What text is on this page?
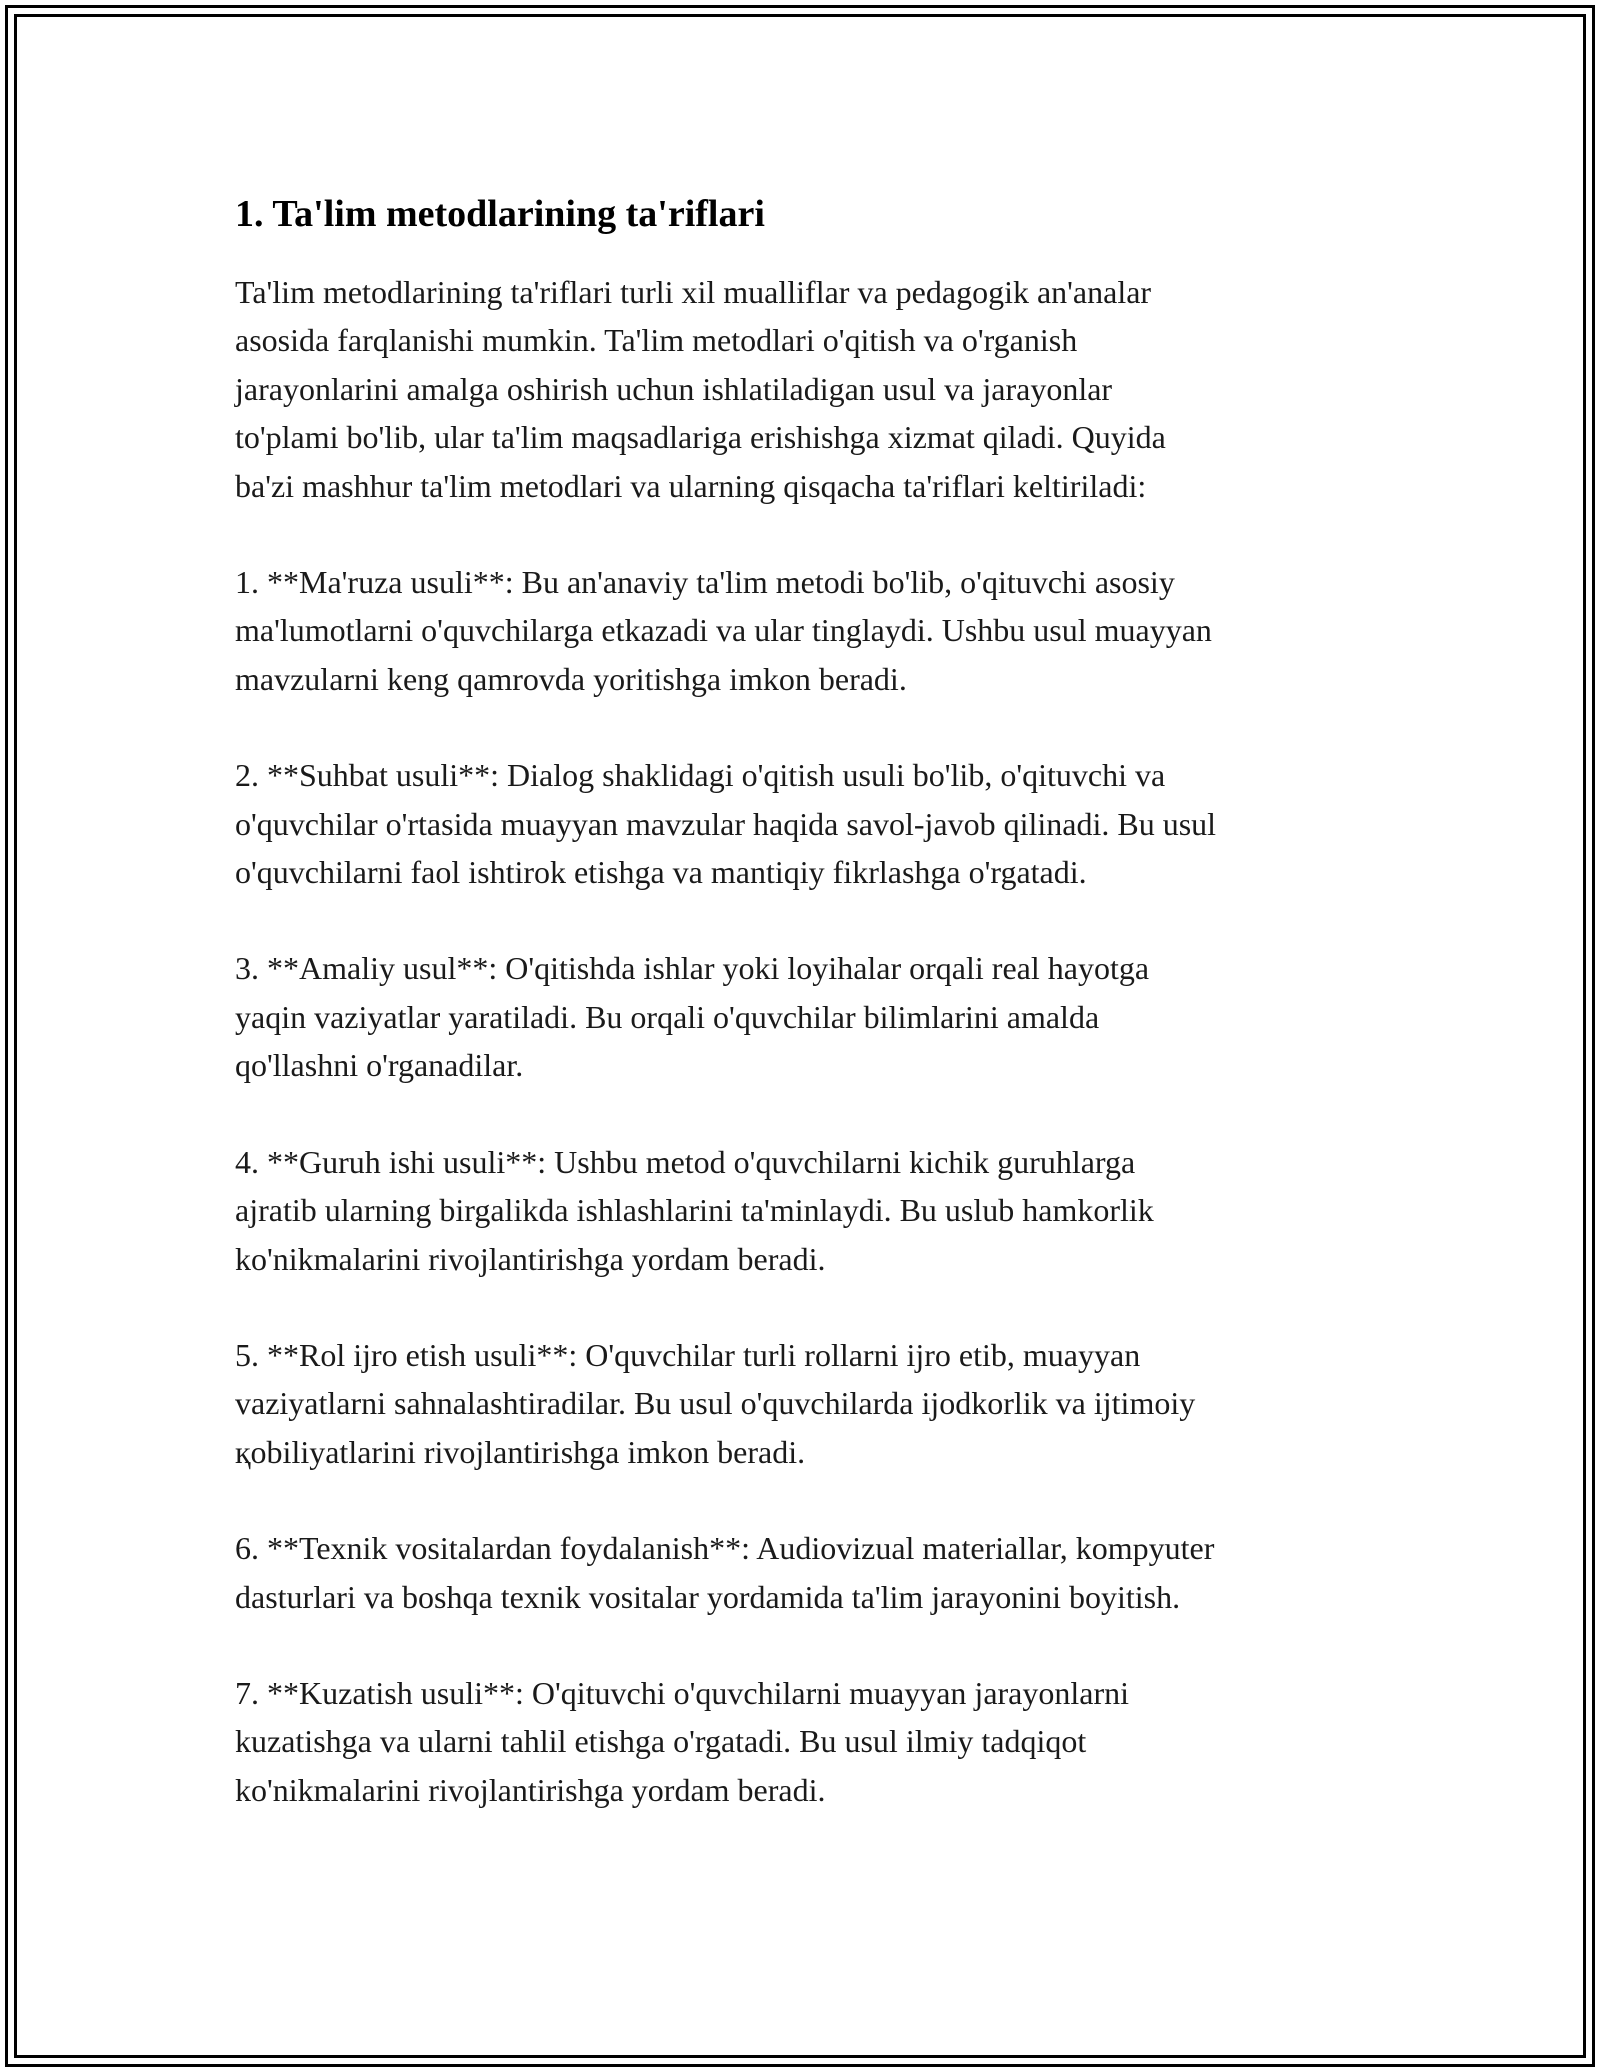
1. Ta'lim metodlarining ta'riflari

Ta'lim metodlarining ta'riflari turli xil mualliflar va pedagogik an'analar
asosida farqlanishi mumkin. Ta'lim metodlari o'qitish va o'rganish
jarayonlarini amalga oshirish uchun ishlatiladigan usul va jarayonlar
to'plami bo'lib, ular ta'lim maqsadlariga erishishga xizmat qiladi. Quyida
ba'zi mashhur ta'lim metodlari va ularning qisqacha ta'riflari keltiriladi:

1. **Ma'ruza usuli**: Bu an'anaviy ta'lim metodi bo'lib, o'qituvchi asosiy
ma'lumotlarni o'quvchilarga etkazadi va ular tinglaydi. Ushbu usul muayyan
mavzularni keng qamrovda yoritishga imkon beradi.

2. **Suhbat usuli**: Dialog shaklidagi o'qitish usuli bo'lib, o'qituvchi va
o'quvchilar o'rtasida muayyan mavzular haqida savol-javob qilinadi. Bu usul
o'quvchilarni faol ishtirok etishga va mantiqiy fikrlashga o'rgatadi.

3. **Amaliy usul**: O'qitishda ishlar yoki loyihalar orqali real hayotga
yaqin vaziyatlar yaratiladi. Bu orqali o'quvchilar bilimlarini amalda
qo'llashni o'rganadilar.

4. **Guruh ishi usuli**: Ushbu metod o'quvchilarni kichik guruhlarga
ajratib ularning birgalikda ishlashlarini ta'minlaydi. Bu uslub hamkorlik
ko'nikmalarini rivojlantirishga yordam beradi.

5. **Rol ijro etish usuli**: O'quvchilar turli rollarni ijro etib, muayyan
vaziyatlarni sahnalashtiradilar. Bu usul o'quvchilarda ijodkorlik va ijtimoiy
қobiliyatlarini rivojlantirishga imkon beradi.

6. **Texnik vositalardan foydalanish**: Audiovizual materiallar, kompyuter
dasturlari va boshqa texnik vositalar yordamida ta'lim jarayonini boyitish.

7. **Kuzatish usuli**: O'qituvchi o'quvchilarni muayyan jarayonlarni
kuzatishga va ularni tahlil etishga o'rgatadi. Bu usul ilmiy tadqiqot
ko'nikmalarini rivojlantirishga yordam beradi.
